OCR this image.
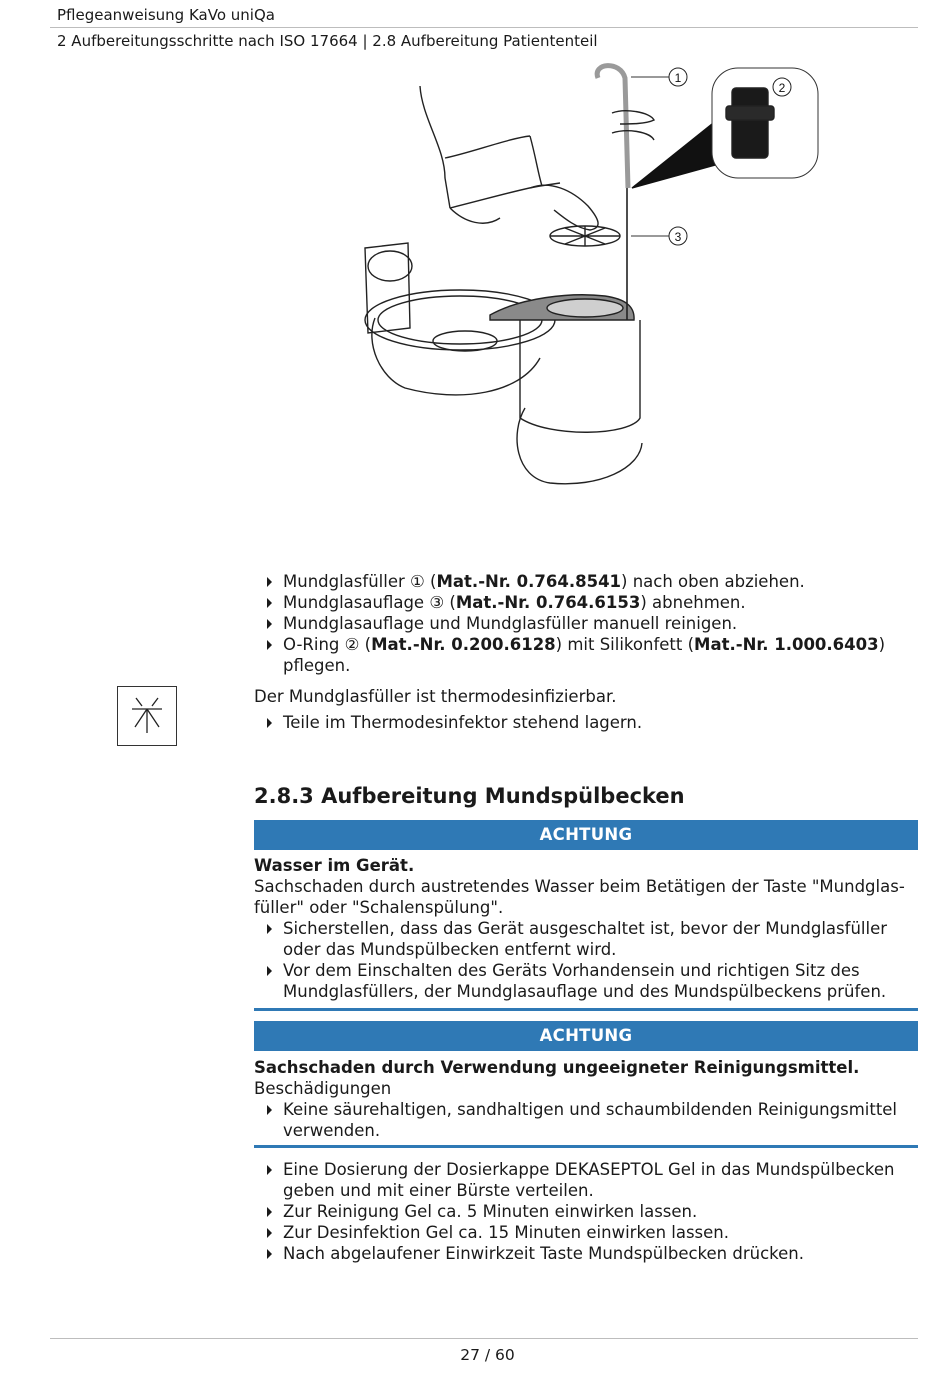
Pflegeanweisung KaVo uniQa
2 Aufbereitungsschritte nach ISO 17664 | 2.8 Aufbereitung Patiententeil
1
3
2
Mundglasfüller ① (Mat.-Nr. 0.764.8541) nach oben abziehen.
Mundglasauflage ③ (Mat.-Nr. 0.764.6153) abnehmen.
Mundglasauflage und Mundglasfüller manuell reinigen.
O-Ring ② (Mat.-Nr. 0.200.6128) mit Silikonfett (Mat.-Nr. 1.000.6403)
pflegen.
Der Mundglasfüller ist thermodesinfizierbar.
Teile im Thermodesinfektor stehend lagern.
2.8.3 Aufbereitung Mundspülbecken
ACHTUNG
Wasser im Gerät.
Sachschaden durch austretendes Wasser beim Betätigen der Taste "Mundglas-
füller" oder "Schalenspülung".
Sicherstellen, dass das Gerät ausgeschaltet ist, bevor der Mundglasfüller
oder das Mundspülbecken entfernt wird.
Vor dem Einschalten des Geräts Vorhandensein und richtigen Sitz des
Mundglasfüllers, der Mundglasauflage und des Mundspülbeckens prüfen.
ACHTUNG
Sachschaden durch Verwendung ungeeigneter Reinigungsmittel.
Beschädigungen
Keine säurehaltigen, sandhaltigen und schaumbildenden Reinigungsmittel
verwenden.
Eine Dosierung der Dosierkappe DEKASEPTOL Gel in das Mundspülbecken
geben und mit einer Bürste verteilen.
Zur Reinigung Gel ca. 5 Minuten einwirken lassen.
Zur Desinfektion Gel ca. 15 Minuten einwirken lassen.
Nach abgelaufener Einwirkzeit Taste Mundspülbecken drücken.
27 / 60
